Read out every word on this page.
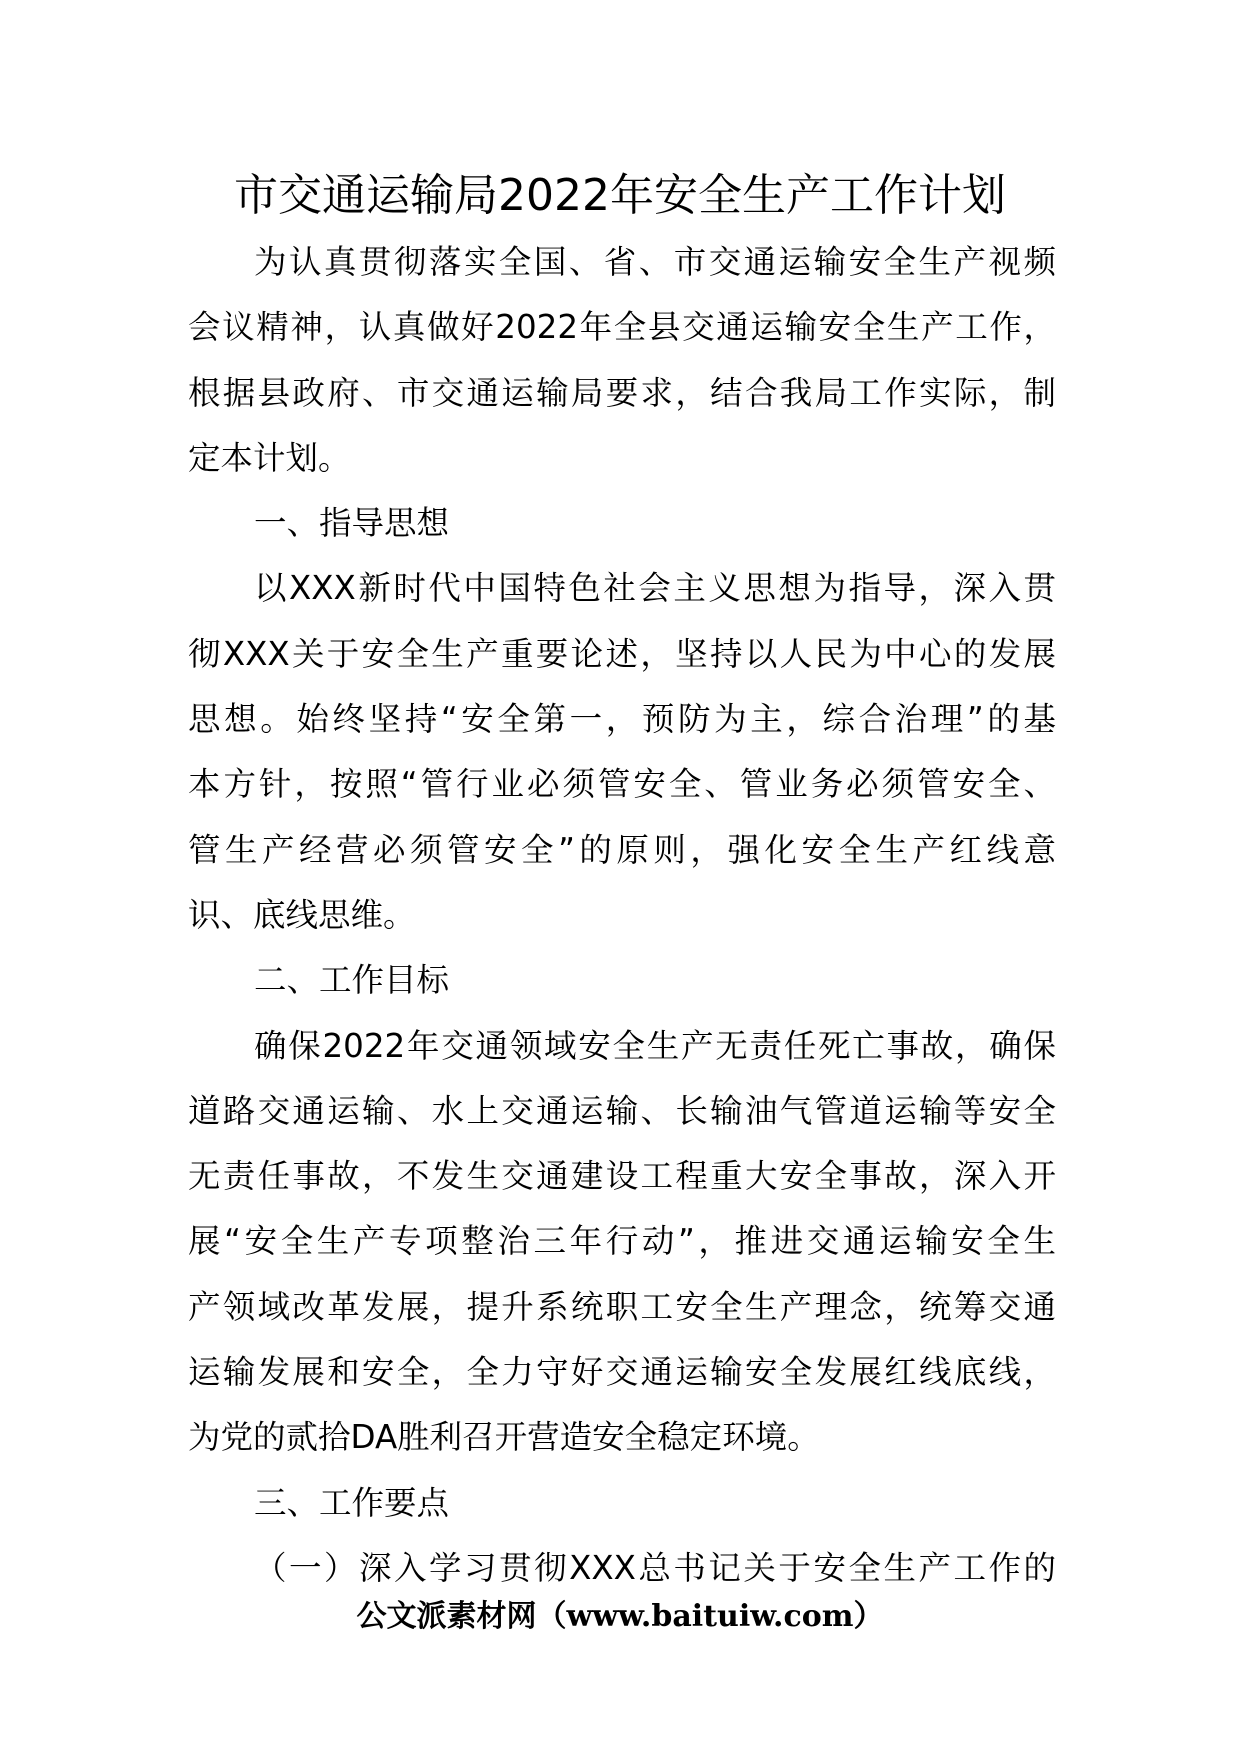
市交通运输局2022年安全生产工作计划
为认真贯彻落实全国、省、市交通运输安全生产视频
会议精神，认真做好2022年全县交通运输安全生产工作，
根据县政府、市交通运输局要求，结合我局工作实际，制
定本计划。
一、指导思想
以XXX新时代中国特色社会主义思想为指导，深入贯
彻XXX关于安全生产重要论述，坚持以人民为中心的发展
思想。始终坚持“安全第一，预防为主，综合治理”的基
本方针，按照“管行业必须管安全、管业务必须管安全、
管生产经营必须管安全”的原则，强化安全生产红线意
识、底线思维。
二、工作目标
确保2022年交通领域安全生产无责任死亡事故，确保
道路交通运输、水上交通运输、长输油气管道运输等安全
无责任事故，不发生交通建设工程重大安全事故，深入开
展“安全生产专项整治三年行动”，推进交通运输安全生
产领域改革发展，提升系统职工安全生产理念，统筹交通
运输发展和安全，全力守好交通运输安全发展红线底线，
为党的贰拾DA胜利召开营造安全稳定环境。
三、工作要点
（一）深入学习贯彻XXX总书记关于安全生产工作的
公文派素材网（www.baituiw.com）
